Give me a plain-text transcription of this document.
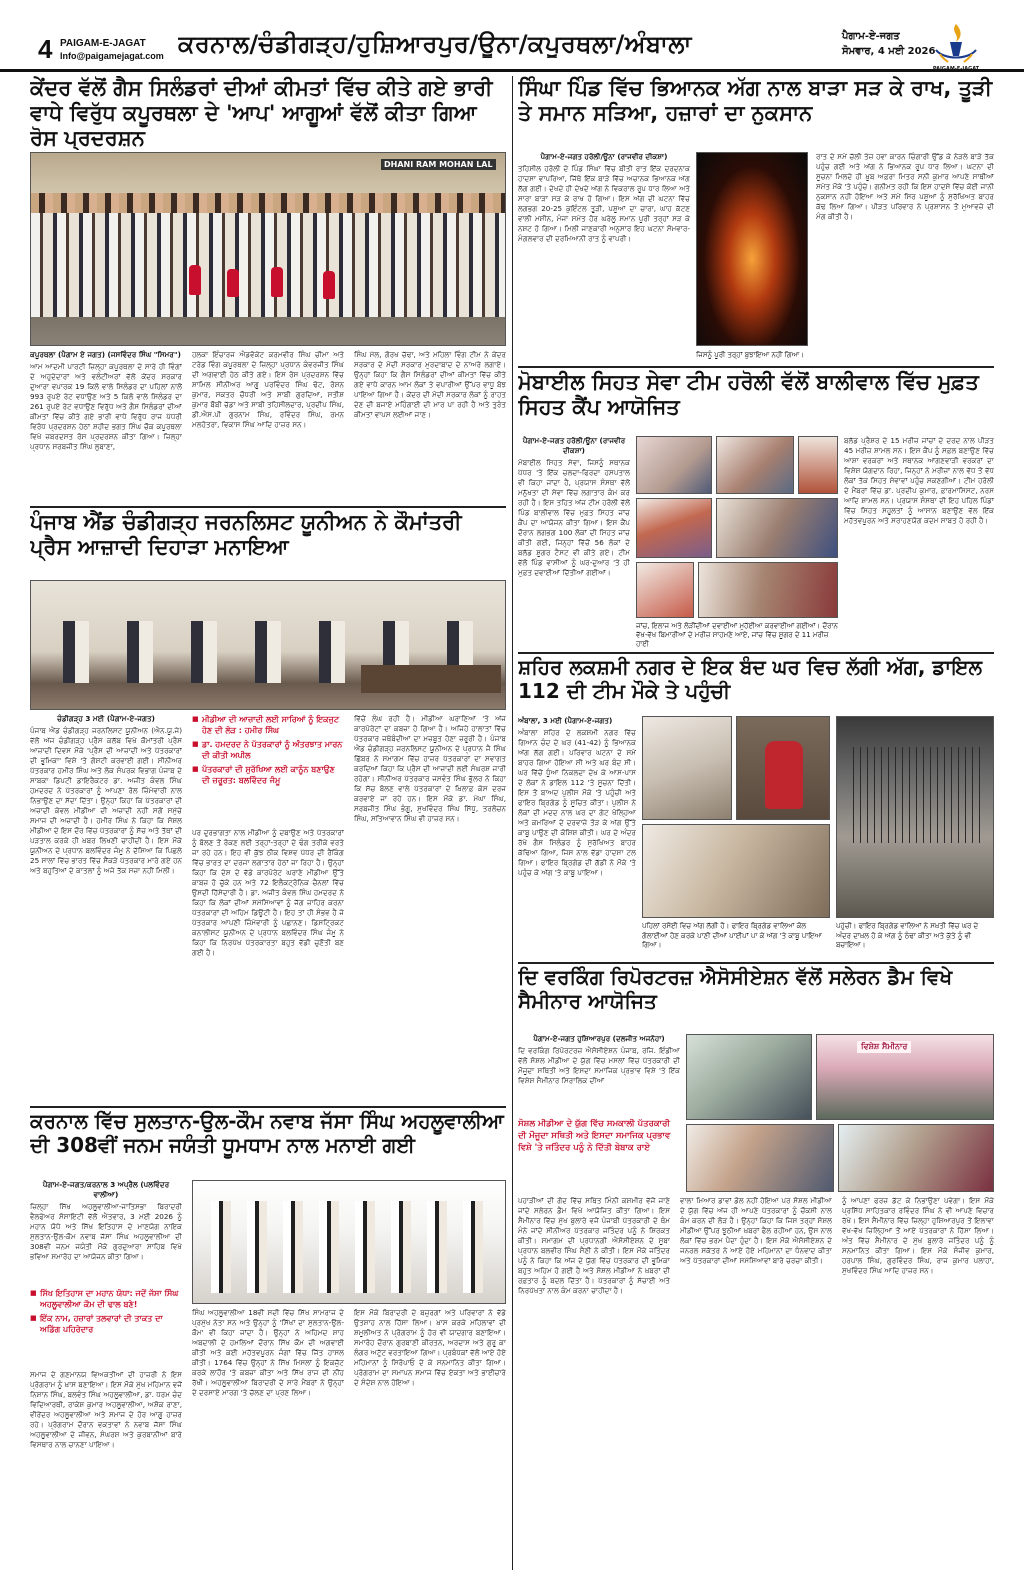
4 PAIGAM-E-JAGAT
Info@paigamejagat.com ਕਰਨਾਲ/ਚੰਡੀਗੜ੍ਹ/ਹੁਸ਼ਿਆਰਪੁਰ/ਊਨਾ/ਕਪੂਰਥਲਾ/ਅੰਬਾਲਾ	ਪੈਗਾਮ-ਏ-ਜਗਤ
ਸੋਮਵਾਰ, 4 ਮਈ 2026
PAIGAM-E-JAGAT
ਕੇਂਦਰ ਵੱਲੋਂ ਗੈਸ ਸਿਲੰਡਰਾਂ ਦੀਆਂ ਕੀਮਤਾਂ ਵਿੱਚ ਕੀਤੇ ਗਏ ਭਾਰੀ ਵਾਧੇ ਵਿਰੁੱਧ ਕਪੂਰਥਲਾ ਦੇ 'ਆਪ' ਆਗੂਆਂ ਵੱਲੋਂ ਕੀਤਾ ਗਿਆ ਰੋਸ ਪ੍ਰਦਰਸ਼ਨ
DHANI RAM MOHAN LAL
ਕਪੂਰਥਲਾ (ਪੈਗਾਮ ਏ ਜਗਤ) (ਜਸਵਿੰਦਰ ਸਿੰਘ "ਸਿਮਰ")
ਆਮ ਆਦਮੀ ਪਾਰਟੀ ਜ਼ਿਲ੍ਹਾ ਕਪੂਰਥਲਾ ਦੇ ਸਾਰੇ ਹੀ ਵਿੰਗਾਂ ਦੇ ਅਹੁਦੇਦਾਰਾਂ ਅਤੇ ਵਲੰਟੀਅਰਾਂ ਵੱਲੋਂ ਕੇਂਦਰ ਸਰਕਾਰ ਦੁਆਰਾ ਵਪਾਰਕ 19 ਕਿਲੋ ਵਾਲੇ ਸਿਲੰਡਰ ਦਾ ਪਹਿਲਾਂ ਨਾਲੋਂ 993 ਰੁਪਏ ਰੇਟ ਵਧਾਉਣ ਅਤੇ 5 ਕਿਲੋ ਵਾਲੇ ਸਿਲੰਡਰ ਦਾ 261 ਰੁਪਏ ਰੇਟ ਵਧਾਉਣ ਵਿਰੁੱਧ ਅਤੇ ਗੈਸ ਸਿਲੰਡਰਾਂ ਦੀਆਂ ਕੀਮਤਾਂ ਵਿੱਚ ਕੀਤੇ ਗਏ ਭਾਰੀ ਵਾਧੇ ਵਿਰੁੱਧ ਰਾਜ ਪੱਧਰੀ ਵਿਰੋਧ ਪ੍ਰਦਰਸ਼ਨ ਹੇਠਾਂ ਸ਼ਹੀਦ ਭਗਤ ਸਿੰਘ ਚੌਕ ਕਪੂਰਥਲਾ ਵਿਖੇ ਜ਼ਬਰਦਸਤ ਰੋਸ ਪ੍ਰਦਰਸ਼ਨ ਕੀਤਾ ਗਿਆ। ਜ਼ਿਲ੍ਹਾ ਪ੍ਰਧਾਨ ਸਰਬਜੀਤ ਸਿੰਘ ਲੁਬਾਣਾ,
ਹਲਕਾ ਇੰਚਾਰਜ ਐਡਵੋਕੇਟ ਕਰਮਵੀਰ ਸਿੰਘ ਚੀਮਾ ਅਤੇ ਟਰੇਡ ਵਿੰਗ ਕਪੂਰਥਲਾ ਦੇ ਜ਼ਿਲ੍ਹਾ ਪ੍ਰਧਾਨ ਕੰਵਰਜੀਤ ਸਿੰਘ ਦੀ ਅਗਵਾਈ ਹੇਠ ਕੀਤੇ ਗਏ। ਇਸ ਰੋਸ ਪ੍ਰਦਰਸ਼ਨ ਵਿੱਚ ਸ਼ਾਮਿਲ ਸੀਨੀਅਰ ਆਗੂ ਪਰਵਿੰਦਰ ਸਿੰਘ ਢੋਟ, ਰੋਸ਼ਨ ਕੁਮਾਰ, ਸਕਤਰ ਚੌਧਰੀ ਅਤੇ ਸਾਬੀ ਗੁਰਦਿਆ, ਸਤੀਸ਼ ਕੁਮਾਰ ਬੌਬੀ ਚੱਡਾ ਅਤੇ ਸਾਬੀ ਤਹਿਸੀਲਦਾਰ, ਪ੍ਰਦੀਪ ਸਿੰਘ, ਡੀ.ਐਸ.ਪੀ ਗੁਰਨਾਮ ਸਿੰਘ, ਰਵਿੰਦਰ ਸਿੰਘ, ਰਮਨ ਮਲਹੋਤਰਾ, ਵਿਕਾਸ ਸਿੰਘ ਆਦਿ ਹਾਜ਼ਰ ਸਨ।
ਸਿੰਘ ਮੱਲ, ਗੋਰਖ ਚੱਢਾ, ਅਤੇ ਮਹਿਲਾ ਵਿੰਗ ਟੀਮ ਨੇ ਕੇਂਦਰ ਸਰਕਾਰ ਦੇ ਮੋਦੀ ਸਰਕਾਰ ਮੁਰਦਾਬਾਦ ਦੇ ਨਾਅਰੇ ਲਗਾਏ। ਉਨ੍ਹਾਂ ਕਿਹਾ ਕਿ ਗੈਸ ਸਿਲੰਡਰਾਂ ਦੀਆਂ ਕੀਮਤਾਂ ਵਿੱਚ ਕੀਤੇ ਗਏ ਵਾਧੇ ਕਾਰਨ ਆਮ ਲੋਕਾਂ ਤੇ ਵਪਾਰੀਆਂ ਉੱਪਰ ਵਾਧੂ ਬੋਝ ਪਾਇਆ ਗਿਆ ਹੈ। ਕੇਂਦਰ ਦੀ ਮੋਦੀ ਸਰਕਾਰ ਲੋਕਾਂ ਨੂੰ ਰਾਹਤ ਦੇਣ ਦੀ ਬਜਾਏ ਮਹਿੰਗਾਈ ਦੀ ਮਾਰ ਪਾ ਰਹੀ ਹੈ ਅਤੇ ਤੁਰੰਤ ਕੀਮਤਾਂ ਵਾਪਸ ਲਈਆਂ ਜਾਣ।
ਪੰਜਾਬ ਐਂਡ ਚੰਡੀਗੜ੍ਹ ਜਰਨਲਿਸਟ ਯੂਨੀਅਨ ਨੇ ਕੌਮਾਂਤਰੀ ਪ੍ਰੈਸ ਆਜ਼ਾਦੀ ਦਿਹਾੜਾ ਮਨਾਇਆ
ਚੰਡੀਗੜ੍ਹ 3 ਮਈ (ਪੈਗਾਮ-ਏ-ਜਗਤ)
ਪੰਜਾਬ ਐਂਡ ਚੰਡੀਗੜ੍ਹ ਜਰਨਲਿਸਟ ਯੂਨੀਅਨ (ਐਨ.ਯੂ.ਜੇ) ਵੱਲੋਂ ਅੱਜ ਚੰਡੀਗੜ੍ਹ ਪ੍ਰੈਸ ਕਲੱਬ ਵਿਖੇ ਕੌਮਾਂਤਰੀ ਪ੍ਰੈਸ ਆਜ਼ਾਦੀ ਦਿਵਸ ਮੌਕੇ 'ਪ੍ਰੈਸ ਦੀ ਆਜ਼ਾਦੀ ਅਤੇ ਪੱਤਰਕਾਰਾਂ ਦੀ ਭੂਮਿਕਾ' ਵਿਸ਼ੇ 'ਤੇ ਗੋਸ਼ਟੀ ਕਰਵਾਈ ਗਈ। ਸੀਨੀਅਰ ਪੱਤਰਕਾਰ ਹਮੀਰ ਸਿੰਘ ਅਤੇ ਲੋਕ ਸੰਪਰਕ ਵਿਭਾਗ ਪੰਜਾਬ ਦੇ ਸਾਬਕਾ ਡਿਪਟੀ ਡਾਇਰੈਕਟਰ ਡਾ. ਅਜੀਤ ਕੰਵਲ ਸਿੰਘ ਹਮਦਰਦ ਨੇ ਪੱਤਰਕਾਰਾਂ ਨੂੰ ਆਪਣਾ ਰੋਲ ਜ਼ਿੰਮੇਵਾਰੀ ਨਾਲ ਨਿਭਾਉਣ ਦਾ ਸੱਦਾ ਦਿੱਤਾ। ਉਨ੍ਹਾਂ ਕਿਹਾ ਕਿ ਪੱਤਰਕਾਰਾਂ ਦੀ ਅਜ਼ਾਦੀ ਕੇਵਲ ਮੀਡੀਆ ਦੀ ਅਜ਼ਾਦੀ ਨਹੀਂ ਸਗੋਂ ਸਮੁੱਚੇ ਸਮਾਜ ਦੀ ਅਜ਼ਾਦੀ ਹੈ। ਹਮੀਰ ਸਿੰਘ ਨੇ ਕਿਹਾ ਕਿ ਸੋਸ਼ਲ ਮੀਡੀਆ ਦੇ ਇਸ ਦੌਰ ਵਿੱਚ ਪੱਤਰਕਾਰਾਂ ਨੂੰ ਸੱਚ ਅਤੇ ਤੱਥਾਂ ਦੀ ਪੜਤਾਲ ਕਰਕੇ ਹੀ ਖ਼ਬਰ ਲਿਖਣੀ ਚਾਹੀਦੀ ਹੈ। ਇਸ ਮੌਕੇ ਯੂਨੀਅਨ ਦੇ ਪ੍ਰਧਾਨ ਬਲਵਿੰਦਰ ਜੰਮੂ ਨੇ ਦੱਸਿਆ ਕਿ ਪਿਛਲੇ 25 ਸਾਲਾਂ ਵਿੱਚ ਭਾਰਤ ਵਿੱਚ ਸੈਂਕੜੇ ਪੱਤਰਕਾਰ ਮਾਰੇ ਗਏ ਹਨ ਅਤੇ ਬਹੁਤਿਆਂ ਦੇ ਕਾਤਲਾਂ ਨੂੰ ਅਜੇ ਤੱਕ ਸਜ਼ਾ ਨਹੀਂ ਮਿਲੀ।
■ ਮੀਡੀਆ ਦੀ ਆਜ਼ਾਦੀ ਲਈ ਸਾਰਿਆਂ ਨੂੰ ਇਕਜੁਟ ਹੋਣ ਦੀ ਲੋੜ : ਹਮੀਰ ਸਿੰਘ
■ ਡਾ. ਹਮਦਰਦ ਨੇ ਪੱਤਰਕਾਰਾਂ ਨੂੰ ਅੰਤਰਝਾਤ ਮਾਰਨ ਦੀ ਕੀਤੀ ਅਪੀਲ
■ ਪੱਤਰਕਾਰਾਂ ਦੀ ਸੁਰੱਖਿਆ ਲਈ ਕਾਨੂੰਨ ਬਣਾਉਣ ਦੀ ਜ਼ਰੂਰਤ: ਬਲਵਿੰਦਰ ਜੰਮੂ
ਪਰ ਦੁਰਭਾਗਤਾ ਨਾਲ ਮੀਡੀਆ ਨੂੰ ਦਬਾਉਣ ਅਤੇ ਪੱਤਰਕਾਰਾਂ ਨੂੰ ਬੋਲਣ ਤੋਂ ਰੋਕਣ ਲਈ ਤਰ੍ਹਾਂ-ਤਰ੍ਹਾਂ ਦੇ ਢੰਗ ਤਰੀਕੇ ਵਰਤੇ ਜਾ ਰਹੇ ਹਨ। ਇਹ ਵੀ ਕੁੱਝ ਠੀਕ ਵਿਸ਼ਵ ਪੱਧਰ ਦੀ ਰੈਂਕਿੰਗ ਵਿੱਚ ਭਾਰਤ ਦਾ ਦਰਜਾ ਲਗਾਤਾਰ ਹੇਠਾਂ ਜਾ ਰਿਹਾ ਹੈ। ਉਨ੍ਹਾਂ ਕਿਹਾ ਕਿ ਦੇਸ਼ ਦੇ ਵੱਡੇ ਕਾਰਪੋਰੇਟ ਘਰਾਣੇ ਮੀਡੀਆ ਉੱਤੇ ਕਾਬਜ਼ ਹੋ ਚੁੱਕੇ ਹਨ ਅਤੇ 72 ਇਲੈਕਟ੍ਰੋਨਿਕ ਚੈਨਲਾਂ ਵਿੱਚ ਉਸਦੀ ਹਿੱਸੇਦਾਰੀ ਹੈ। ਡਾ. ਅਜੀਤ ਕੰਵਲ ਸਿੰਘ ਹਮਦਰਦ ਨੇ ਕਿਹਾ ਕਿ ਲੋਕਾਂ ਦੀਆਂ ਸਮੱਸਿਆਵਾਂ ਨੂੰ ਜੱਗ ਜ਼ਾਹਿਰ ਕਰਨਾ ਪੱਤਰਕਾਰਾਂ ਦੀ ਅਹਿਮ ਡਿਊਟੀ ਹੈ। ਇਹ ਤਾਂ ਹੀ ਸੰਭਵ ਹੈ ਜੇ ਪੱਤਰਕਾਰ ਆਪਣੀ ਜ਼ਿੰਮੇਵਾਰੀ ਨੂੰ ਪਛਾਨਣ। ਡਿਸਟ੍ਰਿਕਟ ਕਨਾਲੀਸਟ ਯੂਨੀਅਨ ਦੇ ਪ੍ਰਧਾਨ ਬਲਵਿੰਦਰ ਸਿੰਘ ਜੰਮੂ ਨੇ ਕਿਹਾ ਕਿ ਨਿਰਪੱਖ ਪੱਤਰਕਾਰਤਾ ਬਹੁਤ ਵੱਡੀ ਚੁਣੌਤੀ ਬਣ ਗਈ ਹੈ।
ਵਿੱਚੋਂ ਲੰਘ ਰਹੀ ਹੈ। ਮੀਡੀਆ ਘਰਾਣਿਆਂ 'ਤੇ ਅੱਜ ਕਾਰਪੋਰੇਟਾਂ ਦਾ ਕਬਜ਼ਾ ਹੋ ਗਿਆ ਹੈ। ਅਜਿਹੇ ਹਾਲਾਤਾਂ ਵਿੱਚ ਪੱਤਰਕਾਰ ਜਥੇਬੰਦੀਆਂ ਦਾ ਮਜ਼ਬੂਤ ਹੋਣਾ ਜ਼ਰੂਰੀ ਹੈ। ਪੰਜਾਬ ਐਂਡ ਚੰਡੀਗੜ੍ਹ ਜਰਨਲਿਸਟ ਯੂਨੀਅਨ ਦੇ ਪ੍ਰਧਾਨ ਜੈ ਸਿੰਘ ਛਿੱਬਰ ਨੇ ਸਮਾਗਮ ਵਿੱਚ ਹਾਜ਼ਰ ਪੱਤਰਕਾਰਾਂ ਦਾ ਸਵਾਗਤ ਕਰਦਿਆਂ ਕਿਹਾ ਕਿ ਪ੍ਰੈਸ ਦੀ ਆਜ਼ਾਦੀ ਲਈ ਸੰਘਰਸ਼ ਜਾਰੀ ਰਹੇਗਾ। ਸੀਨੀਅਰ ਪੱਤਰਕਾਰ ਜਸਵੰਤ ਸਿੰਘ ਭੁੱਲਰ ਨੇ ਕਿਹਾ ਕਿ ਸੱਚ ਬੋਲਣ ਵਾਲੇ ਪੱਤਰਕਾਰਾਂ ਦੇ ਖ਼ਿਲਾਫ਼ ਕੇਸ ਦਰਜ ਕਰਵਾਏ ਜਾ ਰਹੇ ਹਨ। ਇਸ ਮੌਕੇ ਡਾ. ਮੇਘਾ ਸਿੰਘ, ਸਰਬਜੀਤ ਸਿੰਘ ਭੰਗੂ, ਸੁਖਵਿੰਦਰ ਸਿੰਘ ਸਿੱਧੂ, ਤਰਲੋਚਨ ਸਿੰਘ, ਸਤਿਆਵਾਨ ਸਿੰਘ ਵੀ ਹਾਜ਼ਰ ਸਨ।
ਕਰਨਾਲ ਵਿੱਚ ਸੁਲਤਾਨ-ਉਲ-ਕੌਮ ਨਵਾਬ ਜੱਸਾ ਸਿੰਘ ਅਹਲੂਵਾਲੀਆ ਦੀ 308ਵੀਂ ਜਨਮ ਜਯੰਤੀ ਧੂਮਧਾਮ ਨਾਲ ਮਨਾਈ ਗਈ
ਪੈਗਾਮ-ਏ-ਜਗਤ/ਕਰਨਾਲ 3 ਅਪ੍ਰੈਲ (ਪਲਵਿੰਦਰ ਵਾਲੀਆ)
ਜ਼ਿਲ੍ਹਾ ਸਿੱਖ ਅਹਲੂਵਾਲੀਆ-ਜਾਤਿਸਭਾ ਬਿਰਾਦਰੀ ਵੈਲਫੇਅਰ ਸੋਸਾਇਟੀ ਵੱਲੋਂ ਐਤਵਾਰ, 3 ਮਈ 2026 ਨੂੰ ਮਹਾਨ ਯੋਧੇ ਅਤੇ ਸਿੱਖ ਇਤਿਹਾਸ ਦੇ ਮਾਣਯੋਗ ਨਾਇਕ ਸੁਲਤਾਨ-ਉਲ-ਕੌਮ ਨਵਾਬ ਜੱਸਾ ਸਿੰਘ ਅਹਲੂਵਾਲੀਆ ਦੀ 308ਵੀਂ ਜਨਮ ਜਯੰਤੀ ਮੌਕੇ ਗੁਰਦੁਆਰਾ ਸਾਹਿਬ ਵਿਖੇ ਭਵਿਆ ਸਮਾਰੋਹ ਦਾ ਆਯੋਜਨ ਕੀਤਾ ਗਿਆ।
■ ਸਿੱਖ ਇਤਿਹਾਸ ਦਾ ਮਹਾਨ ਯੋਧਾ: ਜਦੋਂ ਜੱਸਾ ਸਿੰਘ ਅਹਲੂਵਾਲੀਆ ਕੌਮ ਦੀ ਢਾਲ ਬਣੇ!
■ ਇੱਕ ਨਾਮ, ਹਜ਼ਾਰਾਂ ਤਲਵਾਰਾਂ ਦੀ ਤਾਕਤ ਦਾ ਅਡਿੱਗ ਪਹਿਰੇਦਾਰ
ਸਮਾਜ ਦੇ ਗਣਮਾਨਯ ਵਿਅਕਤੀਆਂ ਦੀ ਹਾਜ਼ਰੀ ਨੇ ਇਸ ਪ੍ਰੋਗਰਾਮ ਨੂੰ ਖ਼ਾਸ ਬਣਾਇਆ। ਇਸ ਮੌਕੇ ਮੁੱਖ ਮਹਿਮਾਨ ਵਜੋਂ ਨਿਸ਼ਾਨ ਸਿੰਘ, ਬਲਵੰਤ ਸਿੰਘ ਅਹਲੂਵਾਲੀਆ, ਡਾ. ਧਰਮ ਚੰਦ ਵਿਦਿਆਰਥੀ, ਰਾਕੇਸ਼ ਕੁਮਾਰ ਅਹਲੂਵਾਲੀਆ, ਅਸ਼ੋਕ ਰਾਣਾ, ਵੀਰੇਂਦਰ ਅਹਲੂਵਾਲੀਆ ਅਤੇ ਸਮਾਜ ਦੇ ਹੋਰ ਆਗੂ ਹਾਜ਼ਰ ਰਹੇ। ਪ੍ਰੋਗਰਾਮ ਦੌਰਾਨ ਵਕਤਾਵਾਂ ਨੇ ਨਵਾਬ ਜੱਸਾ ਸਿੰਘ ਅਹਲੂਵਾਲੀਆ ਦੇ ਜੀਵਨ, ਸੰਘਰਸ਼ ਅਤੇ ਕੁਰਬਾਨੀਆਂ ਬਾਰੇ ਵਿਸਥਾਰ ਨਾਲ ਚਾਨਣਾ ਪਾਇਆ।
ਸਿੰਘ ਅਹਲੂਵਾਲੀਆ 18ਵੀਂ ਸਦੀ ਵਿੱਚ ਸਿੱਖ ਸਾਮਰਾਜ ਦੇ ਪ੍ਰਮੁੱਖ ਨੇਤਾ ਸਨ ਅਤੇ ਉਨ੍ਹਾਂ ਨੂੰ 'ਸਿੱਖਾਂ ਦਾ ਸੁਲਤਾਨ-ਉਲ-ਕੌਮ' ਵੀ ਕਿਹਾ ਜਾਂਦਾ ਹੈ। ਉਨ੍ਹਾਂ ਨੇ ਅਹਿਮਦ ਸ਼ਾਹ ਅਬਦਾਲੀ ਦੇ ਹਮਲਿਆਂ ਦੌਰਾਨ ਸਿੱਖ ਕੌਮ ਦੀ ਅਗਵਾਈ ਕੀਤੀ ਅਤੇ ਕਈ ਮਹੱਤਵਪੂਰਨ ਜੰਗਾਂ ਵਿੱਚ ਜਿੱਤ ਹਾਸਲ ਕੀਤੀ। 1764 ਵਿੱਚ ਉਨ੍ਹਾਂ ਨੇ ਸਿੱਖ ਮਿਸਲਾਂ ਨੂੰ ਇਕਜੁੱਟ ਕਰਕੇ ਲਾਹੌਰ 'ਤੇ ਕਬਜ਼ਾ ਕੀਤਾ ਅਤੇ ਸਿੱਖ ਰਾਜ ਦੀ ਨੀਂਹ ਰੱਖੀ। ਅਹਲੂਵਾਲੀਆ ਬਿਰਾਦਰੀ ਦੇ ਸਾਰੇ ਮੈਂਬਰਾਂ ਨੇ ਉਨ੍ਹਾਂ ਦੇ ਦਰਸਾਏ ਮਾਰਗ 'ਤੇ ਚੱਲਣ ਦਾ ਪ੍ਰਣ ਲਿਆ।
ਇਸ ਮੌਕੇ ਬਿਰਾਦਰੀ ਦੇ ਬਜ਼ੁਰਗਾਂ ਅਤੇ ਪਰਿਵਾਰਾਂ ਨੇ ਵੱਡੇ ਉਤਸ਼ਾਹ ਨਾਲ ਹਿੱਸਾ ਲਿਆ। ਖ਼ਾਸ ਕਰਕੇ ਮਹਿਲਾਵਾਂ ਦੀ ਸ਼ਮੂਲੀਅਤ ਨੇ ਪ੍ਰੋਗਰਾਮ ਨੂੰ ਹੋਰ ਵੀ ਯਾਦਗਾਰ ਬਣਾਇਆ। ਸਮਾਰੋਹ ਦੌਰਾਨ ਗੁਰਬਾਣੀ ਕੀਰਤਨ, ਅਰਦਾਸ ਅਤੇ ਗੁਰੂ ਕਾ ਲੰਗਰ ਅਟੁੱਟ ਵਰਤਾਇਆ ਗਿਆ। ਪ੍ਰਬੰਧਕਾਂ ਵੱਲੋਂ ਆਏ ਹੋਏ ਮਹਿਮਾਨਾਂ ਨੂੰ ਸਿਰੋਪਾਓ ਦੇ ਕੇ ਸਨਮਾਨਿਤ ਕੀਤਾ ਗਿਆ। ਪ੍ਰੋਗਰਾਮ ਦਾ ਸਮਾਪਨ ਸਮਾਜ ਵਿੱਚ ਏਕਤਾ ਅਤੇ ਭਾਈਚਾਰੇ ਦੇ ਸੰਦੇਸ਼ ਨਾਲ ਹੋਇਆ।
ਸਿੰਘਾ ਪਿੰਡ ਵਿੱਚ ਭਿਆਨਕ ਅੱਗ ਨਾਲ ਬਾੜਾ ਸੜ ਕੇ ਰਾਖ, ਤੂੜੀ ਤੇ ਸਮਾਨ ਸੜਿਆ, ਹਜ਼ਾਰਾਂ ਦਾ ਨੁਕਸਾਨ
ਪੈਗਾਮ-ਏ-ਜਗਤ ਹਰੋਲੀ/ਊਨਾ (ਰਾਜਵੀਰ ਦੀਕਸ਼ਾ)
ਤਹਿਸੀਲ ਹਰੋਲੀ ਦੇ ਪਿੰਡ ਸਿੰਘਾ ਵਿੱਚ ਬੀਤੀ ਰਾਤ ਇੱਕ ਦਰਦਨਾਕ ਹਾਦਸਾ ਵਾਪਰਿਆ, ਜਿੱਥੇ ਇੱਕ ਬਾੜੇ ਵਿੱਚ ਅਚਾਨਕ ਭਿਆਨਕ ਅੱਗ ਲੱਗ ਗਈ। ਦੇਖਦੇ ਹੀ ਦੇਖਦੇ ਅੱਗ ਨੇ ਵਿਕਰਾਲ ਰੂਪ ਧਾਰ ਲਿਆ ਅਤੇ ਸਾਰਾ ਬਾੜਾ ਸੜ ਕੇ ਰਾਖ ਹੋ ਗਿਆ। ਇਸ ਅੱਗ ਦੀ ਘਟਨਾ ਵਿੱਚ ਲਗਭਗ 20-25 ਕੁਇੰਟਲ ਤੂੜੀ, ਪਸ਼ੂਆਂ ਦਾ ਚਾਰਾ, ਘਾਹ ਕੱਟਣ ਵਾਲੀ ਮਸ਼ੀਨ, ਮੰਜਾ ਸਮੇਤ ਹੋਰ ਘਰੇਲੂ ਸਮਾਨ ਪੂਰੀ ਤਰ੍ਹਾਂ ਸੜ ਕੇ ਨਸ਼ਟ ਹੋ ਗਿਆ। ਮਿਲੀ ਜਾਣਕਾਰੀ ਅਨੁਸਾਰ ਇਹ ਘਟਨਾ ਸੋਮਵਾਰ-ਮੰਗਲਵਾਰ ਦੀ ਦਰਮਿਆਨੀ ਰਾਤ ਨੂੰ ਵਾਪਰੀ।
ਜਿਸਨੂੰ ਪੂਰੀ ਤਰ੍ਹਾਂ ਬੁਝਾਇਆ ਨਹੀਂ ਗਿਆ।
ਰਾਤ ਦੇ ਸਮੇਂ ਚੱਲੀ ਤੇਜ਼ ਹਵਾ ਕਾਰਨ ਚਿੰਗਾਰੀ ਉੱਡ ਕੇ ਨੇੜਲੇ ਬਾੜੇ ਤੱਕ ਪਹੁੰਚ ਗਈ ਅਤੇ ਅੱਗ ਨੇ ਭਿਆਨਕ ਰੂਪ ਧਾਰ ਲਿਆ। ਘਟਨਾ ਦੀ ਸੂਚਨਾ ਮਿਲਦੇ ਹੀ ਖ਼ੂਬ ਅਫ਼ਰਾ ਮਿਤਰ ਸਨੀ ਕੁਮਾਰ ਆਪਣੇ ਸਾਥੀਆਂ ਸਮੇਤ ਮੌਕੇ 'ਤੇ ਪਹੁੰਚੇ। ਗਨੀਮਤ ਰਹੀ ਕਿ ਇਸ ਹਾਦਸੇ ਵਿੱਚ ਕੋਈ ਜਾਨੀ ਨੁਕਸਾਨ ਨਹੀਂ ਹੋਇਆ ਅਤੇ ਸਮੇਂ ਸਿਰ ਪਸ਼ੂਆਂ ਨੂੰ ਸੁਰੱਖਿਅਤ ਬਾਹਰ ਕੱਢ ਲਿਆ ਗਿਆ। ਪੀੜਤ ਪਰਿਵਾਰ ਨੇ ਪ੍ਰਸ਼ਾਸਨ ਤੋਂ ਮੁਆਵਜ਼ੇ ਦੀ ਮੰਗ ਕੀਤੀ ਹੈ।
ਮੋਬਾਈਲ ਸਿਹਤ ਸੇਵਾ ਟੀਮ ਹਰੋਲੀ ਵੱਲੋਂ ਬਾਲੀਵਾਲ ਵਿੱਚ ਮੁਫ਼ਤ ਸਿਹਤ ਕੈਂਪ ਆਯੋਜਿਤ
ਪੈਗਾਮ-ਏ-ਜਗਤ ਹਰੋਲੀ/ਊਨਾ (ਰਾਜਵੀਰ ਦੀਕਸ਼ਾ)
ਮੋਬਾਈਲ ਸਿਹਤ ਸੇਵਾ, ਜਿਸਨੂੰ ਸਥਾਨਕ ਪੱਧਰ 'ਤੇ ਇੱਕ ਚਲਦਾ-ਫਿਰਦਾ ਹਸਪਤਾਲ ਵੀ ਕਿਹਾ ਜਾਂਦਾ ਹੈ, ਪ੍ਰਯਾਸ ਸੰਸਥਾ ਵੱਲੋਂ ਮਨੁੱਖਤਾ ਦੀ ਸੇਵਾ ਵਿੱਚ ਲਗਾਤਾਰ ਕੰਮ ਕਰ ਰਹੀ ਹੈ। ਇਸ ਤਹਿਤ ਅੱਜ ਟੀਮ ਹਰੋਲੀ ਵੱਲੋਂ ਪਿੰਡ ਬਾਲੀਵਾਲ ਵਿੱਚ ਮੁਫ਼ਤ ਸਿਹਤ ਜਾਂਚ ਕੈਂਪ ਦਾ ਆਯੋਜਨ ਕੀਤਾ ਗਿਆ। ਇਸ ਕੈਂਪ ਦੌਰਾਨ ਲਗਭਗ 100 ਲੋਕਾਂ ਦੀ ਸਿਹਤ ਜਾਂਚ ਕੀਤੀ ਗਈ, ਜਿਨ੍ਹਾਂ ਵਿੱਚੋਂ 56 ਲੋਕਾਂ ਦੇ ਬਲੱਡ ਸ਼ੂਗਰ ਟੈਸਟ ਵੀ ਕੀਤੇ ਗਏ। ਟੀਮ ਵੱਲੋਂ ਪਿੰਡ ਵਾਸੀਆਂ ਨੂੰ ਘਰ-ਦੁਆਰ 'ਤੇ ਹੀ ਮੁਫ਼ਤ ਦਵਾਈਆਂ ਦਿੱਤੀਆਂ ਗਈਆਂ।
ਜਾਂਚ, ਇਲਾਜ ਅਤੇ ਲੋੜੀਂਦੀਆਂ ਦਵਾਈਆਂ ਮੁਹੱਈਆ ਕਰਵਾਈਆਂ ਗਈਆਂ। ਦੌਰਾਨ ਵੱਖ-ਵੱਖ ਬਿਮਾਰੀਆਂ ਦੇ ਮਰੀਜ਼ ਸਾਹਮਣੇ ਆਏ, ਜਾਂਚ ਵਿੱਚ ਸ਼ੂਗਰ ਦੇ 11 ਮਰੀਜ਼ ਹਾਈ
ਬਲੱਡ ਪ੍ਰੈਸ਼ਰ ਦੇ 15 ਮਰੀਜ਼ ਜਾਂਚਾਂ ਦੇ ਦਰਦ ਨਾਲ ਪੀੜਤ 45 ਮਰੀਜ਼ ਸ਼ਾਮਲ ਸਨ। ਇਸ ਕੈਂਪ ਨੂੰ ਸਫ਼ਲ ਬਣਾਉਣ ਵਿੱਚ ਆਸ਼ਾ ਵਰਕਰਾਂ ਅਤੇ ਸਥਾਨਕ ਆਂਗਣਵਾੜੀ ਵਰਕਰਾਂ ਦਾ ਵਿਸ਼ੇਸ਼ ਯੋਗਦਾਨ ਰਿਹਾ, ਜਿਨ੍ਹਾਂ ਨੇ ਮਰੀਜ਼ਾਂ ਨਾਲ ਵੱਧ ਤੋਂ ਵੱਧ ਲੋਕਾਂ ਤੱਕ ਸਿਹਤ ਸੇਵਾਵਾਂ ਪਹੁੰਚ ਸਕਣਗੀਆਂ। ਟੀਮ ਹਰੋਲੀ ਦੇ ਮੈਂਬਰਾਂ ਵਿੱਚ ਡਾ. ਪ੍ਰਦੀਪ ਕੁਮਾਰ, ਫ਼ਾਰਮਾਸਿਸਟ, ਨਰਸ ਆਦਿ ਸ਼ਾਮਲ ਸਨ। ਪ੍ਰਯਾਸ ਸੰਸਥਾ ਦੀ ਇਹ ਪਹਿਲ ਪਿੰਡਾਂ ਵਿੱਚ ਸਿਹਤ ਸਹੂਲਤਾਂ ਨੂੰ ਆਸਾਨ ਬਣਾਉਣ ਵੱਲ ਇੱਕ ਮਹੱਤਵਪੂਰਨ ਅਤੇ ਸਰਾਹਣਯੋਗ ਕਦਮ ਸਾਬਤ ਹੋ ਰਹੀ ਹੈ।
ਸ਼ਹਿਰ ਲਕਸ਼ਮੀ ਨਗਰ ਦੇ ਇਕ ਬੰਦ ਘਰ ਵਿਚ ਲੱਗੀ ਅੱਗ, ਡਾਇਲ 112 ਦੀ ਟੀਮ ਮੌਕੇ ਤੇ ਪਹੁੰਚੀ
ਅੰਬਾਲਾ, 3 ਮਈ (ਪੈਗਾਮ-ਏ-ਜਗਤ)
ਅੰਬਾਲਾ ਸ਼ਹਿਰ ਦੇ ਲਕਸ਼ਮੀ ਨਗਰ ਵਿੱਚ ਗਿਆਨ ਚੰਦ ਦੇ ਘਰ (41-42) ਨੂੰ ਭਿਆਨਕ ਅੱਗ ਲੱਗ ਗਈ। ਪਰਿਵਾਰ ਘਟਨਾ ਦੇ ਸਮੇਂ ਬਾਹਰ ਗਿਆ ਹੋਇਆ ਸੀ ਅਤੇ ਘਰ ਬੰਦ ਸੀ। ਘਰ ਵਿੱਚੋਂ ਧੂੰਆਂ ਨਿਕਲਦਾ ਦੇਖ ਕੇ ਆਸ-ਪਾਸ ਦੇ ਲੋਕਾਂ ਨੇ ਡਾਇਲ 112 'ਤੇ ਸੂਚਨਾ ਦਿੱਤੀ। ਇਸ ਤੋਂ ਬਾਅਦ ਪੁਲੀਸ ਮੌਕੇ 'ਤੇ ਪਹੁੰਚੀ ਅਤੇ ਫਾਇਰ ਬ੍ਰਿਗੇਡ ਨੂੰ ਸੂਚਿਤ ਕੀਤਾ। ਪੁਲੀਸ ਨੇ ਲੋਕਾਂ ਦੀ ਮਦਦ ਨਾਲ ਘਰ ਦਾ ਗੇਟ ਖੋਲ੍ਹਿਆ ਅਤੇ ਕਮਰਿਆਂ ਦੇ ਦਰਵਾਜ਼ੇ ਤੋੜ ਕੇ ਅੱਗ ਉੱਤੇ ਕਾਬੂ ਪਾਉਣ ਦੀ ਕੋਸ਼ਿਸ਼ ਕੀਤੀ। ਘਰ ਦੇ ਅੰਦਰ ਰੱਖੇ ਗੈਸ ਸਿਲੰਡਰ ਨੂੰ ਸੁਰੱਖਿਅਤ ਬਾਹਰ ਕੱਢਿਆ ਗਿਆ, ਜਿਸ ਨਾਲ ਵੱਡਾ ਹਾਦਸਾ ਟਲ ਗਿਆ। ਫਾਇਰ ਬ੍ਰਿਗੇਡ ਦੀ ਗੱਡੀ ਨੇ ਮੌਕੇ 'ਤੇ ਪਹੁੰਚ ਕੇ ਅੱਗ 'ਤੇ ਕਾਬੂ ਪਾਇਆ।
ਪਹਿਲਾਂ ਰਸੋਈ ਵਿਚ ਅੱਗ ਲੱਗੀ ਹੈ। ਫਾਇਰ ਬ੍ਰਿਗੇਡ ਵਾਲਿਆਂ ਕੋਲ ਗੋਲਾਈਆਂ ਹੋਣ ਕਰਕੇ ਪਾਣੀ ਦੀਆਂ ਪਾਈਪਾਂ ਪਾ ਕੇ ਅੱਗ 'ਤੇ ਕਾਬੂ ਪਾਇਆ ਗਿਆ।
ਪਹੁੰਚੀ। ਫਾਇਰ ਬ੍ਰਿਗੇਡ ਵਾਲਿਆਂ ਨੇ ਸਖ਼ਤੀ ਵਿੱਚ ਘਰ ਦੇ ਅੰਦਰ ਦਾਖ਼ਲ ਹੋ ਕੇ ਅੱਗ ਨੂੰ ਠੰਢਾ ਕੀਤਾ ਅਤੇ ਕੁੱਤੇ ਨੂੰ ਵੀ ਬਚਾਇਆ।
ਦਿ ਵਰਕਿੰਗ ਰਿਪੋਰਟਰਜ਼ ਐਸੋਸੀਏਸ਼ਨ ਵੱਲੋਂ ਸਲੇਰਨ ਡੈਮ ਵਿਖੇ ਸੈਮੀਨਾਰ ਆਯੋਜਿਤ
ਪੈਗਾਮ-ਏ-ਜਗਤ ਹੁਸ਼ਿਆਰਪੁਰ (ਦਲਜੀਤ ਅਜਨੋਹਾ)
ਦਿ ਵਰਕਿੰਗ ਰਿਪੋਰਟਰਜ਼ ਐਸੋਸੀਏਸ਼ਨ ਪੰਜਾਬ, ਰਜਿ. ਇੰਡੀਆ ਵੱਲੋਂ ਸੋਸ਼ਲ ਮੀਡੀਆ ਦੇ ਯੁੱਗ ਵਿੱਚ ਮਸਲਾਂ ਵਿੱਚ ਪੱਤਰਕਾਰੀ ਦੀ ਮੌਜੂਦਾ ਸਥਿਤੀ ਅਤੇ ਇਸਦਾ ਸਮਾਜਿਕ ਪ੍ਰਭਾਵ ਵਿਸ਼ੇ 'ਤੇ ਇੱਕ ਵਿਸ਼ੇਸ਼ ਸੈਮੀਨਾਰ ਸਿਰਾਲਿਕ ਦੀਆਂ
ਸੋਸ਼ਲ ਮੀਡੀਆ ਦੇ ਯੁੱਗ ਵਿੱਚ ਸਮਕਾਲੀ ਪੱਤਰਕਾਰੀ ਦੀ ਮੌਜੂਦਾ ਸਥਿਤੀ ਅਤੇ ਇਸਦਾ ਸਮਾਜਿਕ ਪ੍ਰਭਾਵ ਵਿਸ਼ੇ 'ਤੇ ਜਤਿੰਦਰ ਪਨੂੰ ਨੇ ਦਿੱਤੀ ਬੇਬਾਕ ਰਾਏ
ਵਿਸ਼ੇਸ਼ ਸੈਮੀਨਾਰ
ਪਹਾੜੀਆਂ ਦੀ ਗੋਦ ਵਿੱਚ ਸਥਿਤ ਮਿੰਨੀ ਕਸ਼ਮੀਰ ਵੱਜੋਂ ਜਾਣੇ ਜਾਂਦੇ ਸਲੇਰਨ ਡੈਮ ਵਿਖੇ ਆਯੋਜਿਤ ਕੀਤਾ ਗਿਆ। ਇਸ ਸੈਮੀਨਾਰ ਵਿੱਚ ਮੁੱਖ ਬੁਲਾਰੇ ਵਜੋਂ ਪੰਜਾਬੀ ਪੱਤਰਕਾਰੀ ਦੇ ਥੰਮ ਮੰਨੇ ਜਾਂਦੇ ਸੀਨੀਅਰ ਪੱਤਰਕਾਰ ਜਤਿੰਦਰ ਪਨੂੰ ਨੇ ਸ਼ਿਰਕਤ ਕੀਤੀ। ਸਮਾਗਮ ਦੀ ਪ੍ਰਧਾਨਗੀ ਐਸੋਸੀਏਸ਼ਨ ਦੇ ਸੂਬਾ ਪ੍ਰਧਾਨ ਬਲਵੀਰ ਸਿੰਘ ਸੈਣੀ ਨੇ ਕੀਤੀ। ਇਸ ਮੌਕੇ ਜਤਿੰਦਰ ਪਨੂੰ ਨੇ ਕਿਹਾ ਕਿ ਅੱਜ ਦੇ ਯੁੱਗ ਵਿੱਚ ਪੱਤਰਕਾਰ ਦੀ ਭੂਮਿਕਾ ਬਹੁਤ ਅਹਿਮ ਹੋ ਗਈ ਹੈ ਅਤੇ ਸੋਸ਼ਲ ਮੀਡੀਆ ਨੇ ਖ਼ਬਰਾਂ ਦੀ ਰਫ਼ਤਾਰ ਨੂੰ ਬਦਲ ਦਿੱਤਾ ਹੈ। ਪੱਤਰਕਾਰਾਂ ਨੂੰ ਸੱਚਾਈ ਅਤੇ ਨਿਰਪੱਖਤਾ ਨਾਲ ਕੰਮ ਕਰਨਾ ਚਾਹੀਦਾ ਹੈ।
ਵਾਲਾ ਮਿਆਰ ਡਾਵਾਂ ਡੋਲ ਨਹੀਂ ਹੋਇਆ ਪਰ ਸੋਸ਼ਲ ਮੀਡੀਆ ਦੇ ਯੁੱਗ ਵਿੱਚ ਅੱਜ ਹੀ ਆਪਣੇ ਪੱਤਰਕਾਰਾਂ ਨੂੰ ਚੌਕਸੀ ਨਾਲ ਕੰਮ ਕਰਨ ਦੀ ਲੋੜ ਹੈ। ਉਨ੍ਹਾਂ ਕਿਹਾ ਕਿ ਜਿਸ ਤਰ੍ਹਾਂ ਸੋਸ਼ਲ ਮੀਡੀਆ ਉੱਪਰ ਝੂਠੀਆਂ ਖ਼ਬਰਾਂ ਫੈਲ ਰਹੀਆਂ ਹਨ, ਉਸ ਨਾਲ ਲੋਕਾਂ ਵਿੱਚ ਭਰਮ ਪੈਦਾ ਹੁੰਦਾ ਹੈ। ਇਸ ਮੌਕੇ ਐਸੋਸੀਏਸ਼ਨ ਦੇ ਜਨਰਲ ਸਕੱਤਰ ਨੇ ਆਏ ਹੋਏ ਮਹਿਮਾਨਾਂ ਦਾ ਧੰਨਵਾਦ ਕੀਤਾ ਅਤੇ ਪੱਤਰਕਾਰਾਂ ਦੀਆਂ ਸਮੱਸਿਆਵਾਂ ਬਾਰੇ ਚਰਚਾ ਕੀਤੀ।
ਨੂੰ ਆਪਣਾ ਫਰਜ਼ ਡੱਟ ਕੇ ਨਿਭਾਉਣਾ ਪਵੇਗਾ। ਇਸ ਮੌਕੇ ਪ੍ਰਸਿੱਧ ਸਾਹਿਤਕਾਰ ਰਵਿੰਦਰ ਸਿੰਘ ਨੇ ਵੀ ਆਪਣੇ ਵਿਚਾਰ ਰੱਖੇ। ਇਸ ਸੈਮੀਨਾਰ ਵਿੱਚ ਜ਼ਿਲ੍ਹਾ ਹੁਸ਼ਿਆਰਪੁਰ ਤੋਂ ਇਲਾਵਾ ਵੱਖ-ਵੱਖ ਜ਼ਿਲ੍ਹਿਆਂ ਤੋਂ ਆਏ ਪੱਤਰਕਾਰਾਂ ਨੇ ਹਿੱਸਾ ਲਿਆ। ਅੰਤ ਵਿੱਚ ਸੈਮੀਨਾਰ ਦੇ ਮੁੱਖ ਬੁਲਾਰੇ ਜਤਿੰਦਰ ਪਨੂੰ ਨੂੰ ਸਨਮਾਨਿਤ ਕੀਤਾ ਗਿਆ। ਇਸ ਮੌਕੇ ਸੰਜੀਵ ਕੁਮਾਰ, ਹਰਪਾਲ ਸਿੰਘ, ਗੁਰਵਿੰਦਰ ਸਿੰਘ, ਰਾਜ ਕੁਮਾਰ ਪਲਾਹਾ, ਸੁਖਵਿੰਦਰ ਸਿੰਘ ਆਦਿ ਹਾਜ਼ਰ ਸਨ।
